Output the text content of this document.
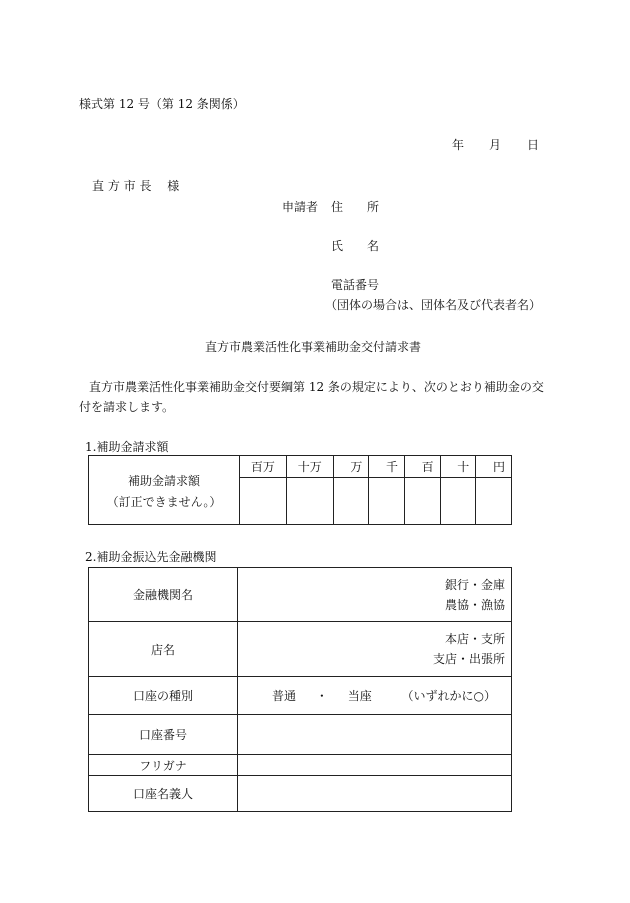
様式第 12 号（第 12 条関係）
年 月 日
直 方 市 長　 様
申請者 住　　所
氏　　名
電話番号
（団体の場合は、団体名及び代表者名）
直方市農業活性化事業補助金交付請求書
直方市農業活性化事業補助金交付要綱第 12 条の規定により、次のとおり補助金の交
付を請求します。
1.補助金請求額
補助金請求額
（訂正できません。）	百万	十万	万	千	百	十	円

2.補助金振込先金融機関
金融機関名	銀行・金庫
農協・漁協

店名	本店・支所
支店・出張所

口座の種別	普通 ・ 当座 （いずれかに○）
口座番号	
フリガナ	
口座名義人	
